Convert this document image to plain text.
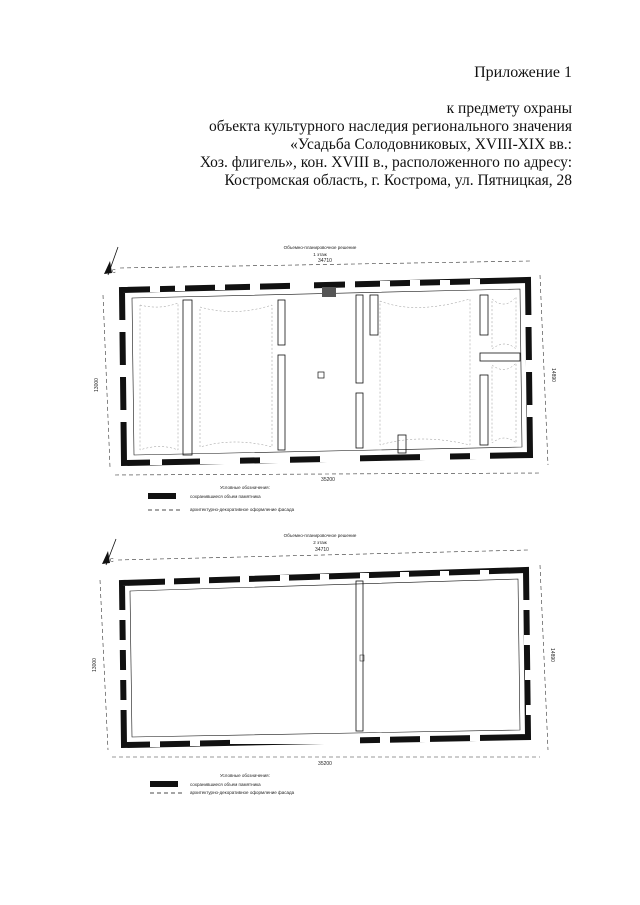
Приложение 1
к предмету охраны
объекта культурного наследия регионального значения
«Усадьба Солодовниковых, XVIII-XIX вв.:
Хоз. флигель», кон. XVIII в., расположенного по адресу:
Костромская область, г. Кострома, ул. Пятницкая, 28
Объемно-планировочное решение
1 этаж
С
34710
35200
13000
14890
Условные обозначения:
сохранившиеся объем памятника
архитектурно-декоративное оформление фасада
Объемно-планировочное решение
2 этаж
С
34710
35200
13000
14890
Условные обозначения:
сохранившиеся объем памятника
архитектурно-декоративное оформление фасада
